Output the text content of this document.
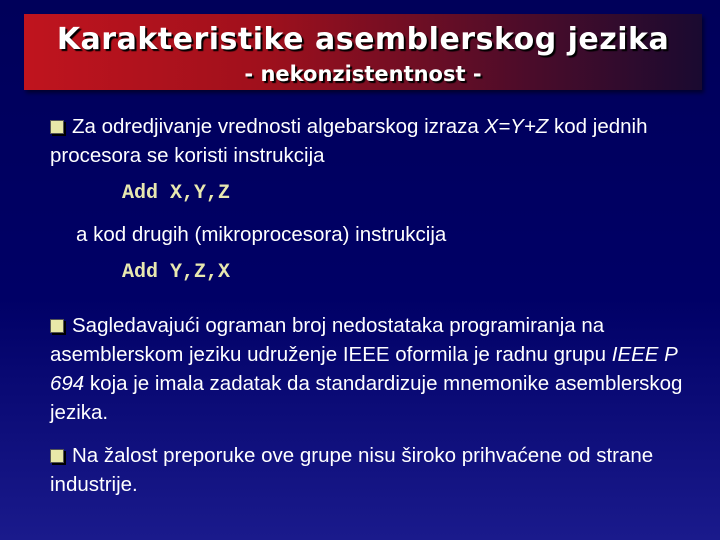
Karakteristike asemblerskog jezika
- nekonzistentnost -

Za odredjivanje vrednosti algebarskog izraza X=Y+Z kod jednih procesora se koristi instrukcija

Add X,Y,Z

a kod drugih (mikroprocesora) instrukcija

Add Y,Z,X

Sagledavajući ograman broj nedostataka programiranja na asemblerskom jeziku udruženje IEEE oformila je radnu grupu IEEE P 694 koja je imala zadatak da standardizuje mnemonike asemblerskog jezika.

Na žalost preporuke ove grupe nisu široko prihvaćene od strane industrije.
